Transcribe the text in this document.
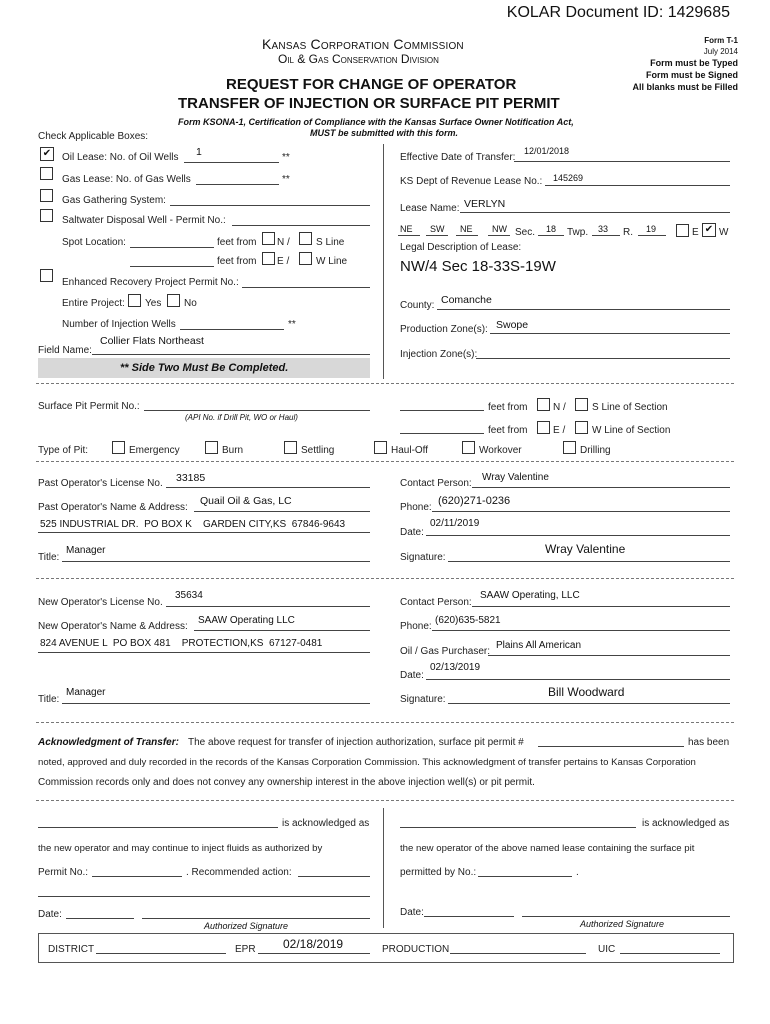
KOLAR Document ID: 1429685
Kansas Corporation Commission
Oil & Gas Conservation Division
REQUEST FOR CHANGE OF OPERATOR
TRANSFER OF INJECTION OR SURFACE PIT PERMIT
Form T-1
July 2014
Form must be Typed
Form must be Signed
All blanks must be Filled
Form KSONA-1, Certification of Compliance with the Kansas Surface Owner Notification Act,
MUST be submitted with this form.
Check Applicable Boxes:
✔ Oil Lease: No. of Oil Wells 1	**
Gas Lease: No. of Gas Wells	**
Gas Gathering System:
Saltwater Disposal Well - Permit No.:
Spot Location:	feet from N /	S Line
feet from E /	W Line
Enhanced Recovery Project Permit No.:
Entire Project: Yes No
Number of Injection Wells	**
Field Name:
Collier Flats Northeast
** Side Two Must Be Completed.
Effective Date of Transfer:
12/01/2018
KS Dept of Revenue Lease No.: 145269
Lease Name: VERLYN
NE SW NE NW Sec. 18 Twp. 33 R. 19	E ✔ W
Legal Description of Lease:
NW/4 Sec 18-33S-19W
County: Comanche
Production Zone(s): Swope
Injection Zone(s):
Surface Pit Permit No.:
(API No. if Drill Pit, WO or Haul)
feet from	N /	S Line of Section
feet from	E /	W Line of Section
Type of Pit:	Emergency	Burn	Settling	Haul-Off	Workover	Drilling
Past Operator's License No. 33185	Contact Person:
Wray Valentine
Past Operator's Name & Address:
Quail Oil & Gas, LC
Phone:
(620)271-0236
525 INDUSTRIAL DR.  PO BOX K    GARDEN CITY,KS  67846-9643
Date:
02/11/2019
Title:
Manager
Signature:
Wray Valentine
New Operator's License No.
35634
Contact Person:
SAAW Operating, LLC
New Operator's Name & Address:
SAAW Operating LLC
Phone:
(620)635-5821
824 AVENUE L  PO BOX 481    PROTECTION,KS  67127-0481
Oil / Gas Purchaser:
Plains All American
Date:
02/13/2019
Title:
Manager
Signature:
Bill Woodward
Acknowledgment of Transfer: The above request for transfer of injection authorization, surface pit permit #	has been
noted, approved and duly recorded in the records of the Kansas Corporation Commission. This acknowledgment of transfer pertains to Kansas Corporation
Commission records only and does not convey any ownership interest in the above injection well(s) or pit permit.
is acknowledged as
the new operator and may continue to inject fluids as authorized by
Permit No.:	. Recommended action:
Date:
Authorized Signature
is acknowledged as
the new operator of the above named lease containing the surface pit
permitted by No.:	.
Date:
Authorized Signature
DISTRICT	EPR 02/18/2019	PRODUCTION	UIC
